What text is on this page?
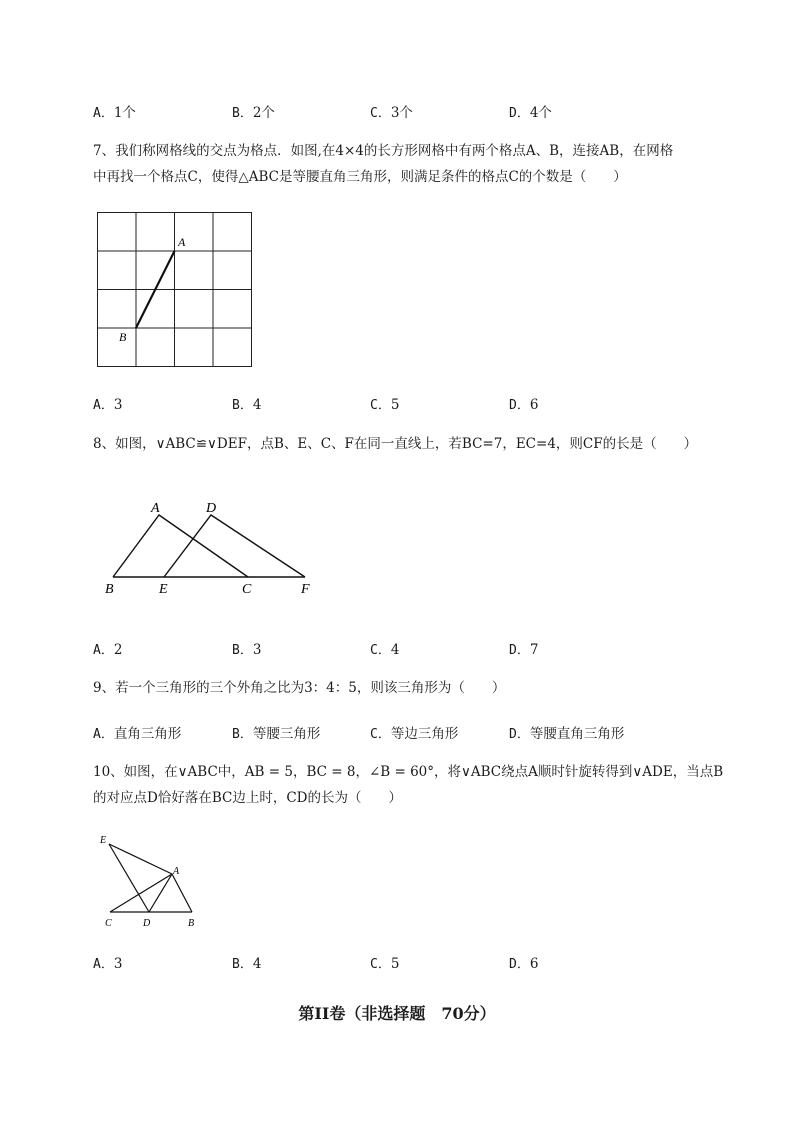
A．1个	B．2个	C．3个	D．4个
7、我们称网格线的交点为格点．如图,在4×4的长方形网格中有两个格点A、B，连接AB，在网格
中再找一个格点C，使得△ABC是等腰直角三角形，则满足条件的格点C的个数是（　　）
A
B
A．3	B．4	C．5	D．6
8、如图，∨ABC≌∨DEF，点B、E、C、F在同一直线上，若BC=7，EC=4，则CF的长是（　　）
A	D
B	E	C	F
A．2	B．3	C．4	D．7
9、若一个三角形的三个外角之比为3：4：5，则该三角形为（　　）
A．直角三角形	B．等腰三角形	C．等边三角形	D．等腰直角三角形
10、如图，在∨ABC中，AB = 5，BC = 8，∠B = 60°，将∨ABC绕点A顺时针旋转得到∨ADE，当点B
的对应点D恰好落在BC边上时，CD的长为（　　）
E
A
C	D	B
A．3	B．4	C．5	D．6
第II卷（非选择题　70分）
